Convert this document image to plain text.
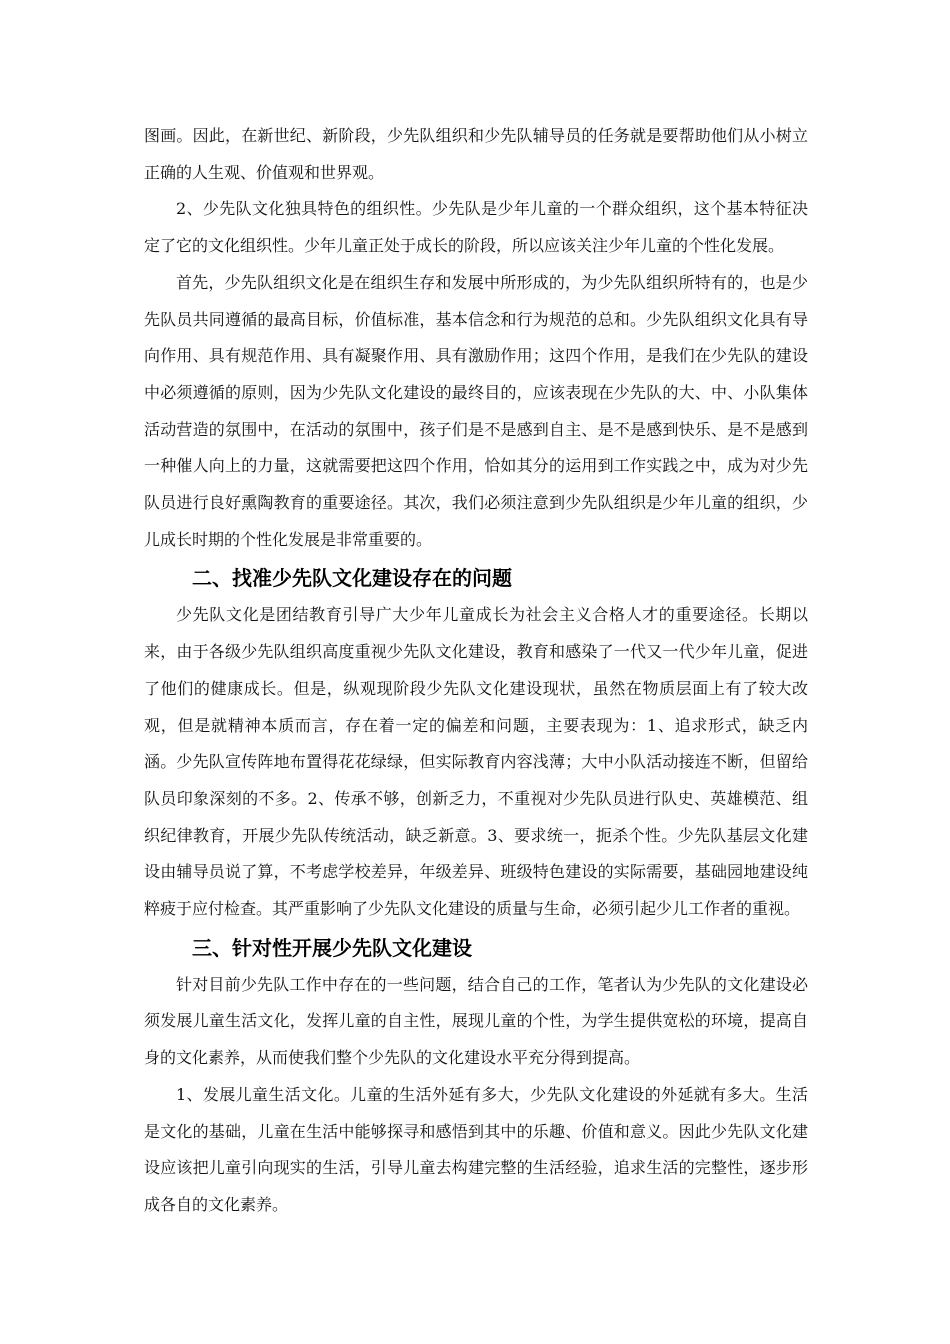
图画。因此，在新世纪、新阶段，少先队组织和少先队辅导员的任务就是要帮助他们从小树立正确的人生观、价值观和世界观。

2、少先队文化独具特色的组织性。少先队是少年儿童的一个群众组织，这个基本特征决定了它的文化组织性。少年儿童正处于成长的阶段，所以应该关注少年儿童的个性化发展。

首先，少先队组织文化是在组织生存和发展中所形成的，为少先队组织所特有的，也是少先队员共同遵循的最高目标，价值标准，基本信念和行为规范的总和。少先队组织文化具有导向作用、具有规范作用、具有凝聚作用、具有激励作用；这四个作用，是我们在少先队的建设中必须遵循的原则，因为少先队文化建设的最终目的，应该表现在少先队的大、中、小队集体活动营造的氛围中，在活动的氛围中，孩子们是不是感到自主、是不是感到快乐、是不是感到一种催人向上的力量，这就需要把这四个作用，恰如其分的运用到工作实践之中，成为对少先队员进行良好熏陶教育的重要途径。其次，我们必须注意到少先队组织是少年儿童的组织，少儿成长时期的个性化发展是非常重要的。

二、找准少先队文化建设存在的问题

少先队文化是团结教育引导广大少年儿童成长为社会主义合格人才的重要途径。长期以来，由于各级少先队组织高度重视少先队文化建设，教育和感染了一代又一代少年儿童，促进了他们的健康成长。但是，纵观现阶段少先队文化建设现状，虽然在物质层面上有了较大改观，但是就精神本质而言，存在着一定的偏差和问题，主要表现为：1、追求形式，缺乏内涵。少先队宣传阵地布置得花花绿绿，但实际教育内容浅薄；大中小队活动接连不断，但留给队员印象深刻的不多。2、传承不够，创新乏力，不重视对少先队员进行队史、英雄模范、组织纪律教育，开展少先队传统活动，缺乏新意。3、要求统一，扼杀个性。少先队基层文化建设由辅导员说了算，不考虑学校差异，年级差异、班级特色建设的实际需要，基础园地建设纯粹疲于应付检查。其严重影响了少先队文化建设的质量与生命，必须引起少儿工作者的重视。

三、针对性开展少先队文化建设

针对目前少先队工作中存在的一些问题，结合自己的工作，笔者认为少先队的文化建设必须发展儿童生活文化，发挥儿童的自主性，展现儿童的个性，为学生提供宽松的环境，提高自身的文化素养，从而使我们整个少先队的文化建设水平充分得到提高。

1、发展儿童生活文化。儿童的生活外延有多大，少先队文化建设的外延就有多大。生活是文化的基础，儿童在生活中能够探寻和感悟到其中的乐趣、价值和意义。因此少先队文化建设应该把儿童引向现实的生活，引导儿童去构建完整的生活经验，追求生活的完整性，逐步形成各自的文化素养。
